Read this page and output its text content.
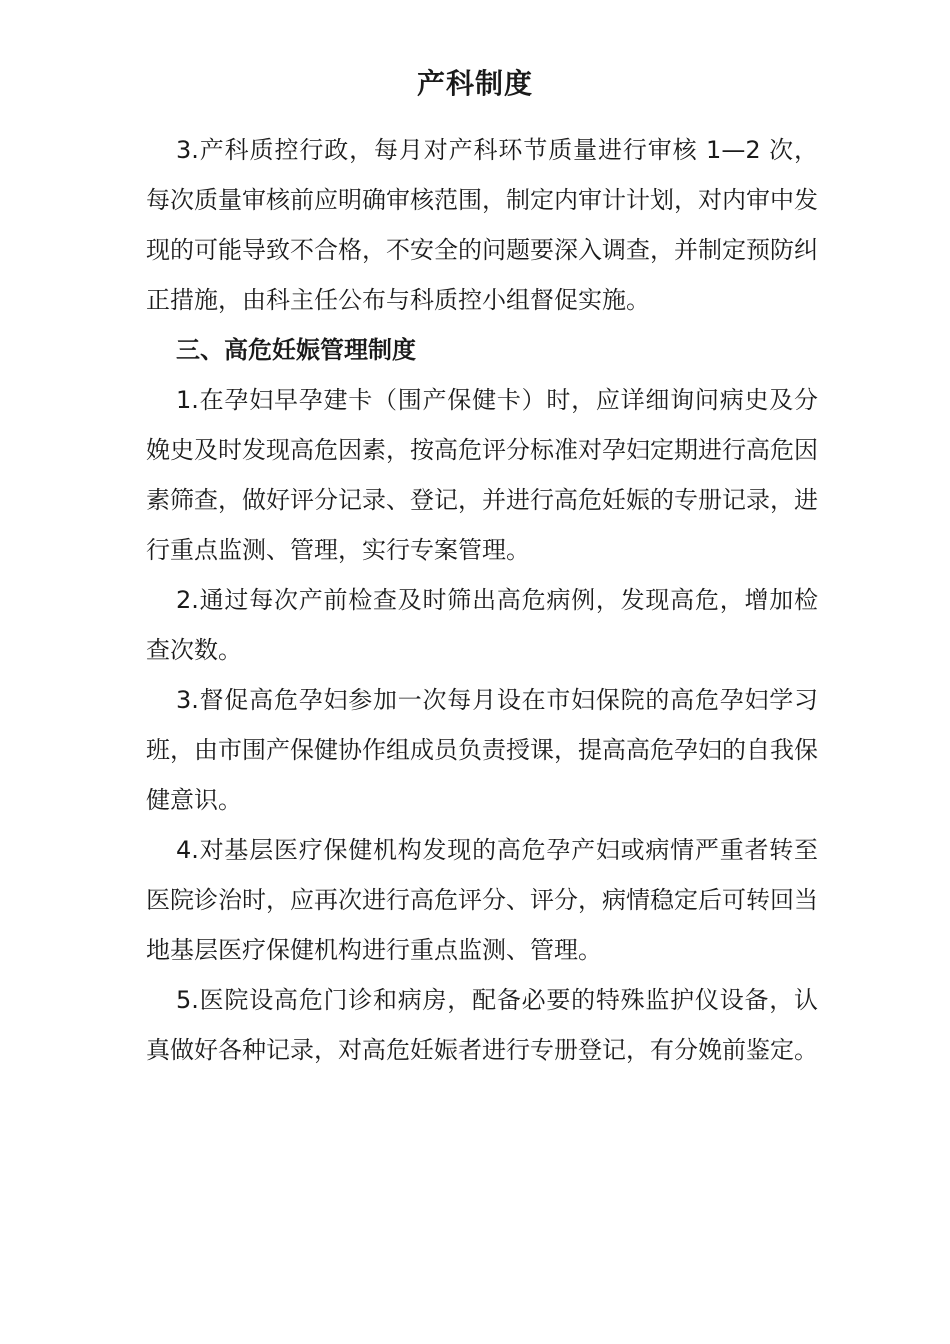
产科制度

3.产科质控行政，每月对产科环节质量进行审核 1—2 次，每次质量审核前应明确审核范围，制定内审计计划，对内审中发现的可能导致不合格，不安全的问题要深入调查，并制定预防纠正措施，由科主任公布与科质控小组督促实施。

三、高危妊娠管理制度

1.在孕妇早孕建卡（围产保健卡）时，应详细询问病史及分娩史及时发现高危因素，按高危评分标准对孕妇定期进行高危因素筛查，做好评分记录、登记，并进行高危妊娠的专册记录，进行重点监测、管理，实行专案管理。

2.通过每次产前检查及时筛出高危病例，发现高危，增加检查次数。

3.督促高危孕妇参加一次每月设在市妇保院的高危孕妇学习班，由市围产保健协作组成员负责授课，提高高危孕妇的自我保健意识。

4.对基层医疗保健机构发现的高危孕产妇或病情严重者转至医院诊治时，应再次进行高危评分、评分，病情稳定后可转回当地基层医疗保健机构进行重点监测、管理。

5.医院设高危门诊和病房，配备必要的特殊监护仪设备，认真做好各种记录，对高危妊娠者进行专册登记，有分娩前鉴定。
